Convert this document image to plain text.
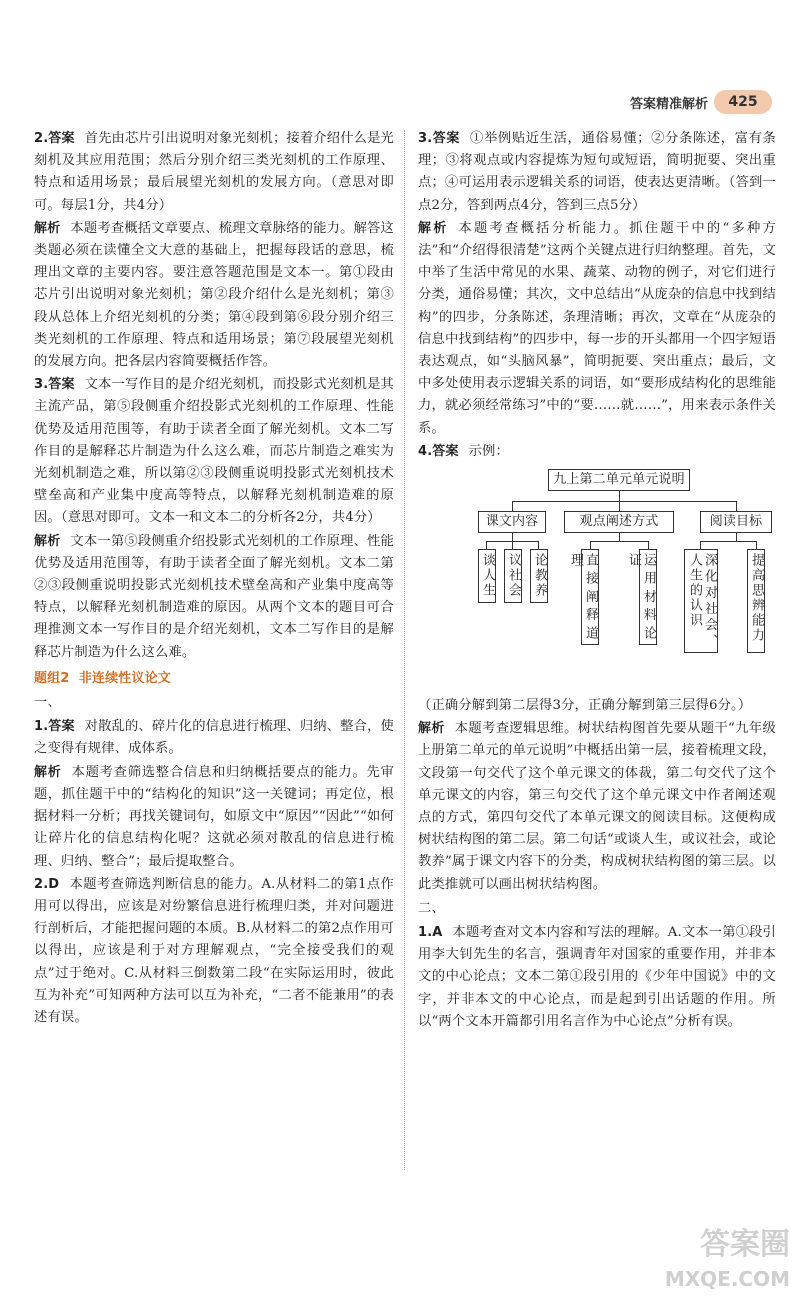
答案精准解析	425

2.答案 首先由芯片引出说明对象光刻机；接着介绍什么是光刻机及其应用范围；然后分别介绍三类光刻机的工作原理、特点和适用场景；最后展望光刻机的发展方向。（意思对即可。每层1分，共4分）

解析 本题考查概括文章要点、梳理文章脉络的能力。解答这类题必须在读懂全文大意的基础上，把握每段话的意思，梳理出文章的主要内容。要注意答题范围是文本一。第①段由芯片引出说明对象光刻机；第②段介绍什么是光刻机；第③段从总体上介绍光刻机的分类；第④段到第⑥段分别介绍三类光刻机的工作原理、特点和适用场景；第⑦段展望光刻机的发展方向。把各层内容简要概括作答。

3.答案 文本一写作目的是介绍光刻机，而投影式光刻机是其主流产品，第⑤段侧重介绍投影式光刻机的工作原理、性能优势及适用范围等，有助于读者全面了解光刻机。文本二写作目的是解释芯片制造为什么这么难，而芯片制造之难实为光刻机制造之难，所以第②③段侧重说明投影式光刻机技术壁垒高和产业集中度高等特点，以解释光刻机制造难的原因。（意思对即可。文本一和文本二的分析各2分，共4分）

解析 文本一第⑤段侧重介绍投影式光刻机的工作原理、性能优势及适用范围等，有助于读者全面了解光刻机。文本二第②③段侧重说明投影式光刻机技术壁垒高和产业集中度高等特点，以解释光刻机制造难的原因。从两个文本的题目可合理推测文本一写作目的是介绍光刻机，文本二写作目的是解释芯片制造为什么这么难。

题组2 非连续性议论文
一、

1.答案 对散乱的、碎片化的信息进行梳理、归纳、整合，使之变得有规律、成体系。

解析 本题考查筛选整合信息和归纳概括要点的能力。先审题，抓住题干中的“结构化的知识”这一关键词；再定位，根据材料一分析；再找关键词句，如原文中“原因”“因此”“如何让碎片化的信息结构化呢？这就必须对散乱的信息进行梳理、归纳、整合”；最后提取整合。

2.D 本题考查筛选判断信息的能力。A.从材料二的第1点作用可以得出，应该是对纷繁信息进行梳理归类，并对问题进行剖析后，才能把握问题的本质。B.从材料二的第2点作用可以得出，应该是利于对方理解观点，“完全接受我们的观点”过于绝对。C.从材料三倒数第二段“在实际运用时，彼此互为补充”可知两种方法可以互为补充，“二者不能兼用”的表述有误。

3.答案 ①举例贴近生活，通俗易懂；②分条陈述，富有条理；③将观点或内容提炼为短句或短语，简明扼要、突出重点；④可运用表示逻辑关系的词语，使表达更清晰。（答到一点2分，答到两点4分，答到三点5分）

解析 本题考查概括分析能力。抓住题干中的“多种方法”和“介绍得很清楚”这两个关键点进行归纳整理。首先，文中举了生活中常见的水果、蔬菜、动物的例子，对它们进行分类，通俗易懂；其次，文中总结出“从庞杂的信息中找到结构”的四步，分条陈述，条理清晰；再次，文章在“从庞杂的信息中找到结构”的四步中，每一步的开头都用一个四字短语表达观点，如“头脑风暴”，简明扼要、突出重点；最后，文中多处使用表示逻辑关系的词语，如“要形成结构化的思维能力，就必须经常练习”中的“要……就……”，用来表示条件关系。

4.答案 示例：

九上第二单元单元说明
课文内容	观点阐述方式	阅读目标
谈人生 议社会 论教养	直接阐释道理	运用材料论证	深化对社会、人生的认识	提高思辨能力

（正确分解到第二层得3分，正确分解到第三层得6分。）

解析 本题考查逻辑思维。树状结构图首先要从题干“九年级上册第二单元的单元说明”中概括出第一层，接着梳理文段，文段第一句交代了这个单元课文的体裁，第二句交代了这个单元课文的内容，第三句交代了这个单元课文中作者阐述观点的方式，第四句交代了本单元课文的阅读目标。这便构成树状结构图的第二层。第二句话“或谈人生，或议社会，或论教养”属于课文内容下的分类，构成树状结构图的第三层。以此类推就可以画出树状结构图。

二、

1.A 本题考查对文本内容和写法的理解。A.文本一第①段引用李大钊先生的名言，强调青年对国家的重要作用，并非本文的中心论点；文本二第①段引用的《少年中国说》中的文字，并非本文的中心论点，而是起到引出话题的作用。所以“两个文本开篇都引用名言作为中心论点”分析有误。

答案圈
MXQE.COM
